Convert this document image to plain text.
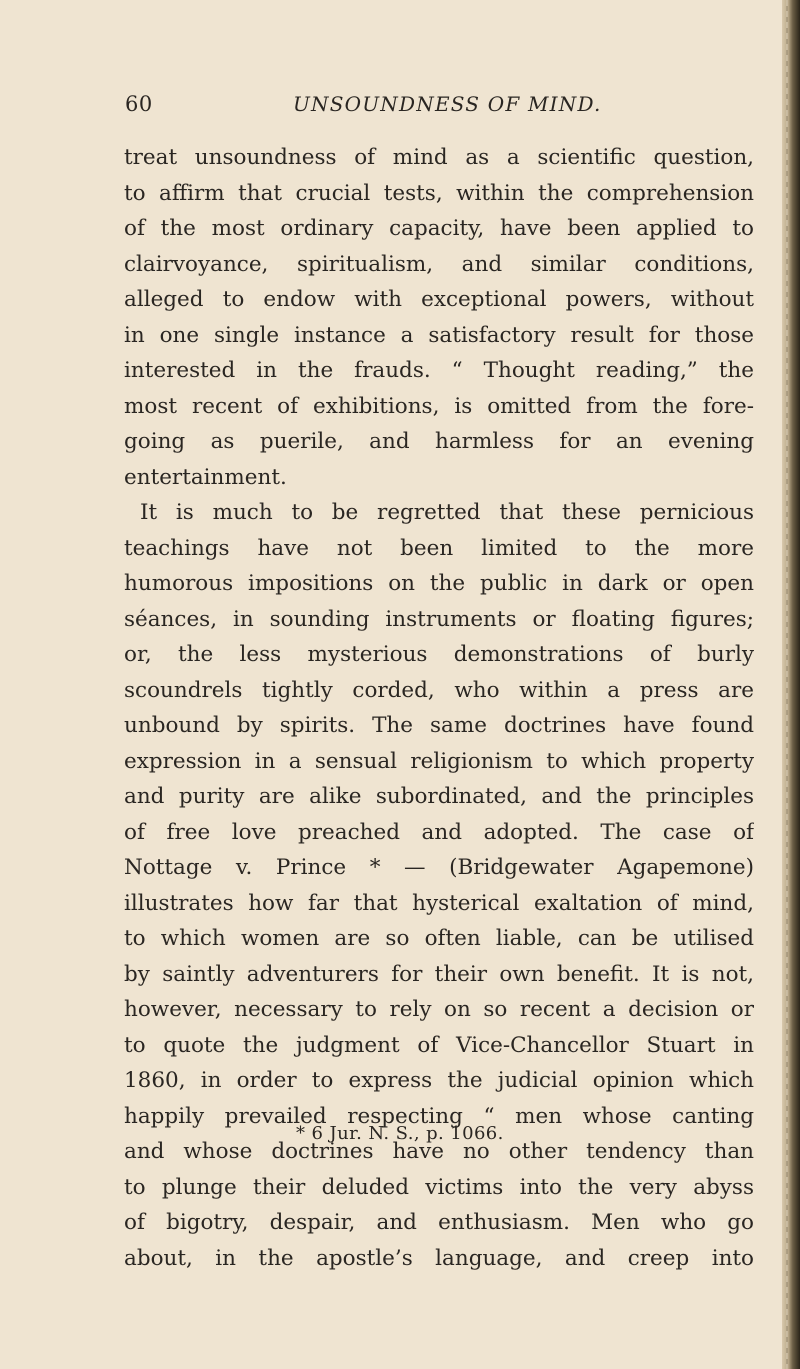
60	UNSOUNDNESS OF MIND.
treat unsoundness of mind as a scientific question,
to affirm that crucial tests, within the comprehension
of the most ordinary capacity, have been applied to
clairvoyance, spiritualism, and similar conditions,
alleged to endow with exceptional powers, without
in one single instance a satisfactory result for those
interested in the frauds. “ Thought reading,” the
most recent of exhibitions, is omitted from the fore-
going as puerile, and harmless for an evening
entertainment.
It is much to be regretted that these pernicious
teachings have not been limited to the more
humorous impositions on the public in dark or open
séances, in sounding instruments or floating figures;
or, the less mysterious demonstrations of burly
scoundrels tightly corded, who within a press are
unbound by spirits. The same doctrines have found
expression in a sensual religionism to which property
and purity are alike subordinated, and the principles
of free love preached and adopted. The case of
Nottage v. Prince * — (Bridgewater Agapemone)
illustrates how far that hysterical exaltation of mind,
to which women are so often liable, can be utilised
by saintly adventurers for their own benefit. It is not,
however, necessary to rely on so recent a decision or
to quote the judgment of Vice-Chancellor Stuart in
1860, in order to express the judicial opinion which
happily prevailed respecting “ men whose canting
and whose doctrines have no other tendency than
to plunge their deluded victims into the very abyss
of bigotry, despair, and enthusiasm. Men who go
about, in the apostle’s language, and creep into
* 6 Jur. N. S., p. 1066.
